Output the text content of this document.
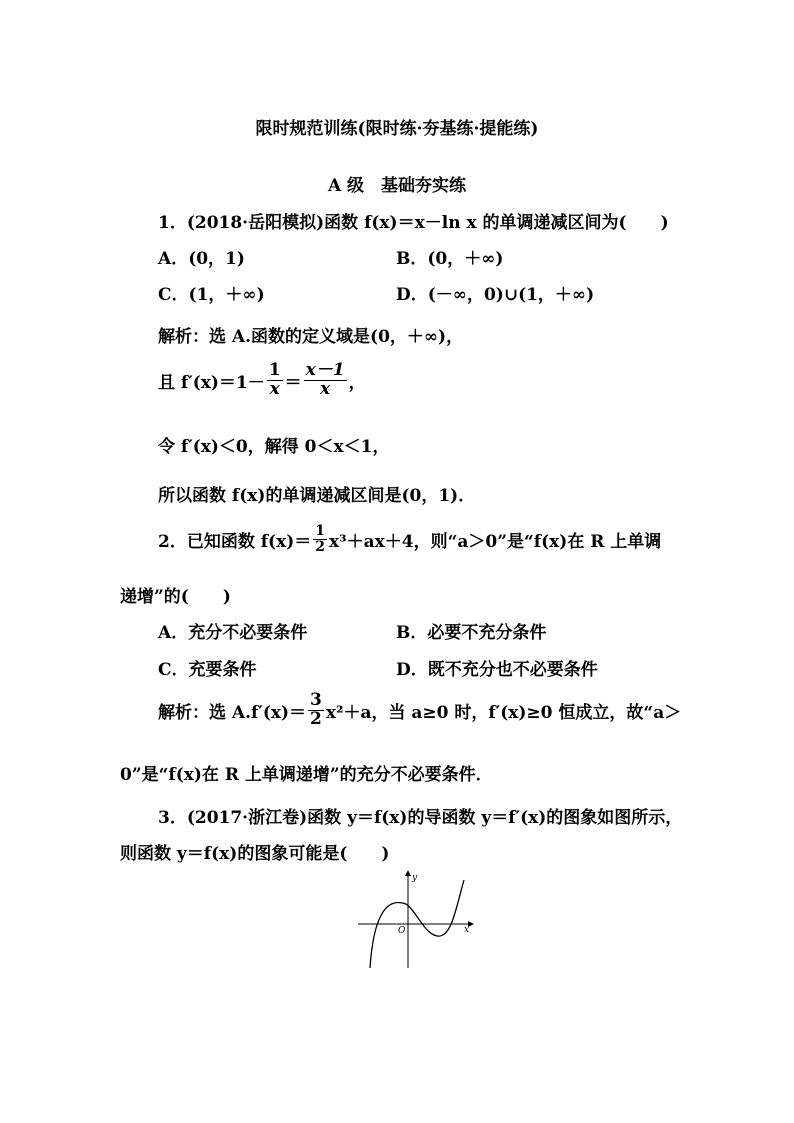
限时规范训练(限时练·夯基练·提能练)
A 级　基础夯实练
1．(2018·岳阳模拟)函数 f(x)＝x－ln x 的单调递减区间为(　　)
A．(0，1)	B．(0，＋∞)
C．(1，＋∞)	D．(－∞，0)∪(1，＋∞)
解析：选 A.函数的定义域是(0，＋∞)，
且 $f'(x)=1- \frac{1}{x} = \frac{x-1}{x}$ ，
令 f′(x)＜0，解得 0＜x＜1，
所以函数 f(x)的单调递减区间是(0，1)．
2．已知函数 $f(x)= \frac{1}{2} x^3+ax+4$，则“a＞0”是“f(x)在 R 上单调
递增”的(　　)
A．充分不必要条件	B．必要不充分条件
C．充要条件	D．既不充分也不必要条件
解析：选 $A.f'(x)= \frac{3}{2} x^2+a$，当 a≥0 时，f′(x)≥0 恒成立，故“a＞
0”是“f(x)在 R 上单调递增”的充分不必要条件．
3．(2017·浙江卷)函数 y＝f(x)的导函数 y＝f′(x)的图象如图所示，
则函数 y＝f(x)的图象可能是(　　)
y
x
O
